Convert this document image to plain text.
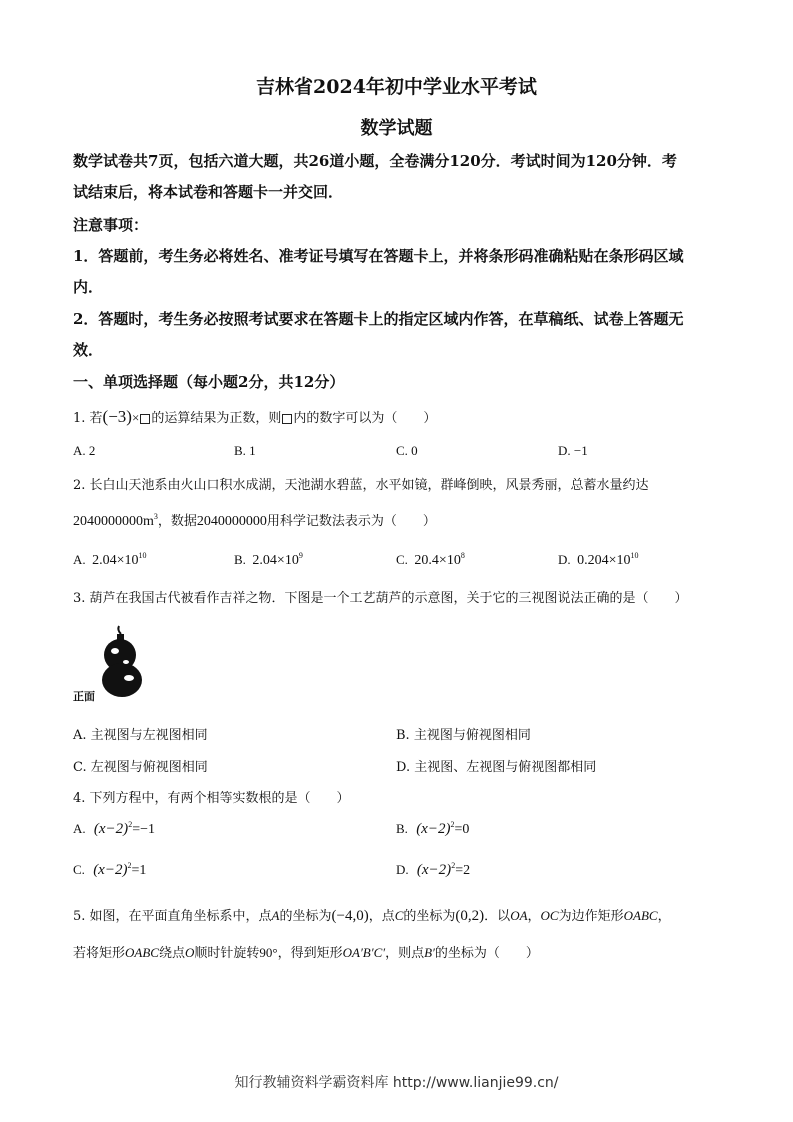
吉林省2024年初中学业水平考试
数学试题
数学试卷共7页，包括六道大题，共26道小题，全卷满分120分．考试时间为120分钟．考
试结束后，将本试卷和答题卡一并交回．
注意事项：
1．答题前，考生务必将姓名、准考证号填写在答题卡上，并将条形码准确粘贴在条形码区域
内．
2．答题时，考生务必按照考试要求在答题卡上的指定区域内作答，在草稿纸、试卷上答题无
效．
一、单项选择题（每小题2分，共12分）
1. 若(−3)× 的运算结果为正数，则 内的数字可以为（　　）
A. 2	B. 1	C. 0	D. −1
2. 长白山天池系由火山口积水成湖，天池湖水碧蓝，水平如镜，群峰倒映，风景秀丽，总蓄水量约达
$2040000000m^3$，数据2040000000用科学记数法表示为（　　）
A. $2.04\times 10^{10}$	B. $2.04\times 10^9$	C. $20.4\times 10^8$	D. $0.204\times 10^{10}$
3. 葫芦在我国古代被看作吉祥之物．下图是一个工艺葫芦的示意图，关于它的三视图说法正确的是（　　）
正面
A. 主视图与左视图相同	B. 主视图与俯视图相同
C. 左视图与俯视图相同	D. 主视图、左视图与俯视图都相同
4. 下列方程中，有两个相等实数根的是（　　）
A. $(x-2)^2=-1$	B. $(x-2)^2=0$
C. $(x-2)^2=1$	D. $(x-2)^2=2$
5. 如图，在平面直角坐标系中，点A的坐标为(−4,0)，点C的坐标为(0,2)．以OA，OC为边作矩形OABC，
若将矩形OABC绕点O顺时针旋转90°，得到矩形OA′B′C′，则点B′的坐标为（　　）
知行教辅资料学霸资料库 http://www.lianjie99.cn/
